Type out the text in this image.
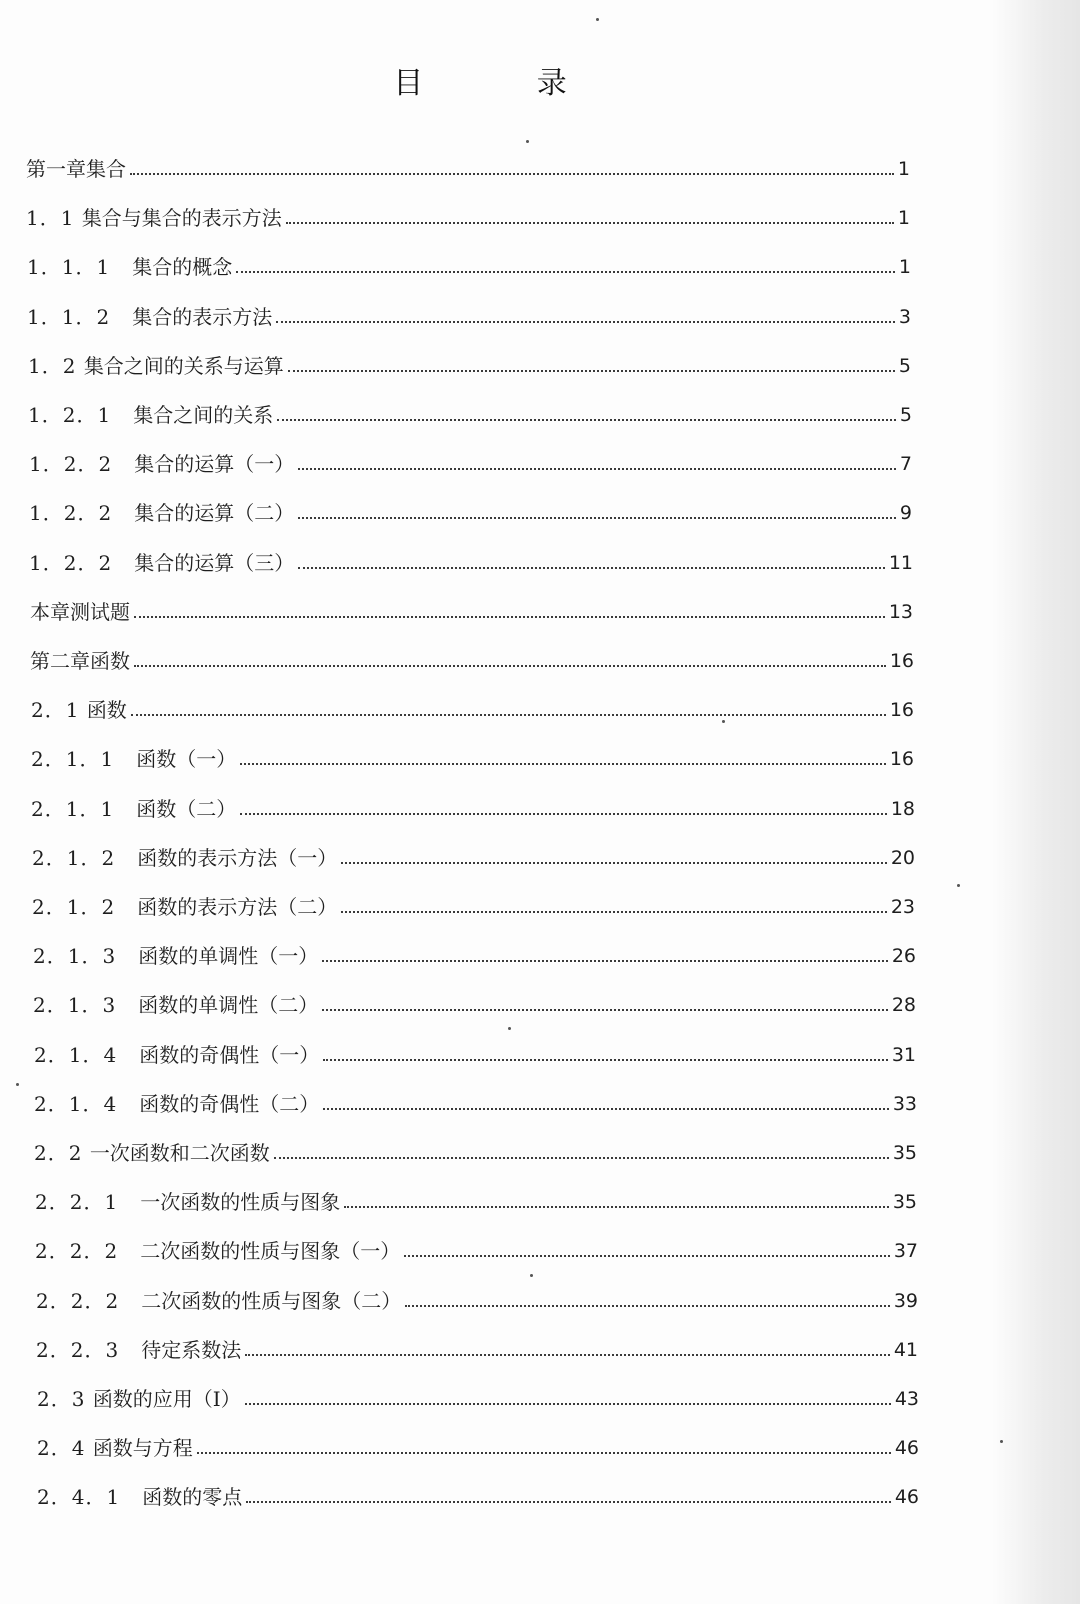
目 录
第一章集合	1
1．1 集合与集合的表示方法	1
1．1．1 集合的概念	1
1．1．2 集合的表示方法	3
1．2 集合之间的关系与运算	5
1．2．1 集合之间的关系	5
1．2．2 集合的运算（一）	7
1．2．2 集合的运算（二）	9
1．2．2 集合的运算（三）	11
本章测试题	13
第二章函数	16
2．1 函数	16
2．1．1 函数（一）	16
2．1．1 函数（二）	18
2．1．2 函数的表示方法（一）	20
2．1．2 函数的表示方法（二）	23
2．1．3 函数的单调性（一）	26
2．1．3 函数的单调性（二）	28
2．1．4 函数的奇偶性（一）	31
2．1．4 函数的奇偶性（二）	33
2．2 一次函数和二次函数	35
2．2．1 一次函数的性质与图象	35
2．2．2 二次函数的性质与图象（一）	37
2．2．2 二次函数的性质与图象（二）	39
2．2．3 待定系数法	41
2．3 函数的应用（Ⅰ）	43
2．4 函数与方程	46
2．4．1 函数的零点	46
